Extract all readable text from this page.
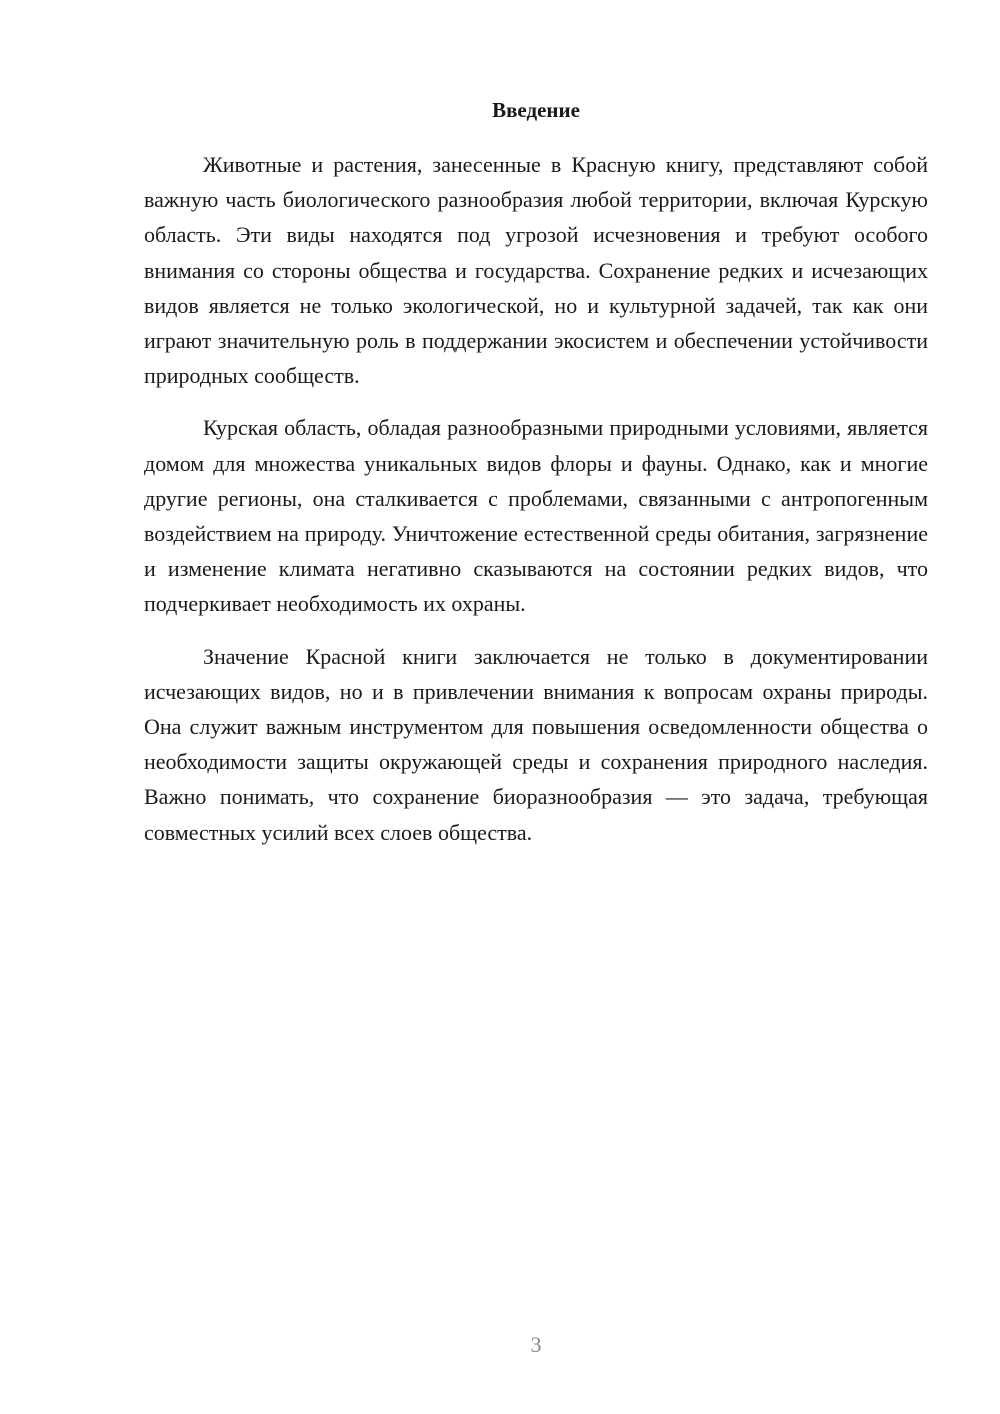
Введение

Животные и растения, занесенные в Красную книгу, представляют собой важную часть биологического разнообразия любой территории, включая Курскую область. Эти виды находятся под угрозой исчезновения и требуют особого внимания со стороны общества и государства. Сохранение редких и исчезающих видов является не только экологической, но и культурной задачей, так как они играют значительную роль в поддержании экосистем и обеспечении устойчивости природных сообществ.

Курская область, обладая разнообразными природными условиями, является домом для множества уникальных видов флоры и фауны. Однако, как и многие другие регионы, она сталкивается с проблемами, связанными с антропогенным воздействием на природу. Уничтожение естественной среды обитания, загрязнение и изменение климата негативно сказываются на состоянии редких видов, что подчеркивает необходимость их охраны.

Значение Красной книги заключается не только в документировании исчезающих видов, но и в привлечении внимания к вопросам охраны природы. Она служит важным инструментом для повышения осведомленности общества о необходимости защиты окружающей среды и сохранения природного наследия. Важно понимать, что сохранение биоразнообразия — это задача, требующая совместных усилий всех слоев общества.

3
